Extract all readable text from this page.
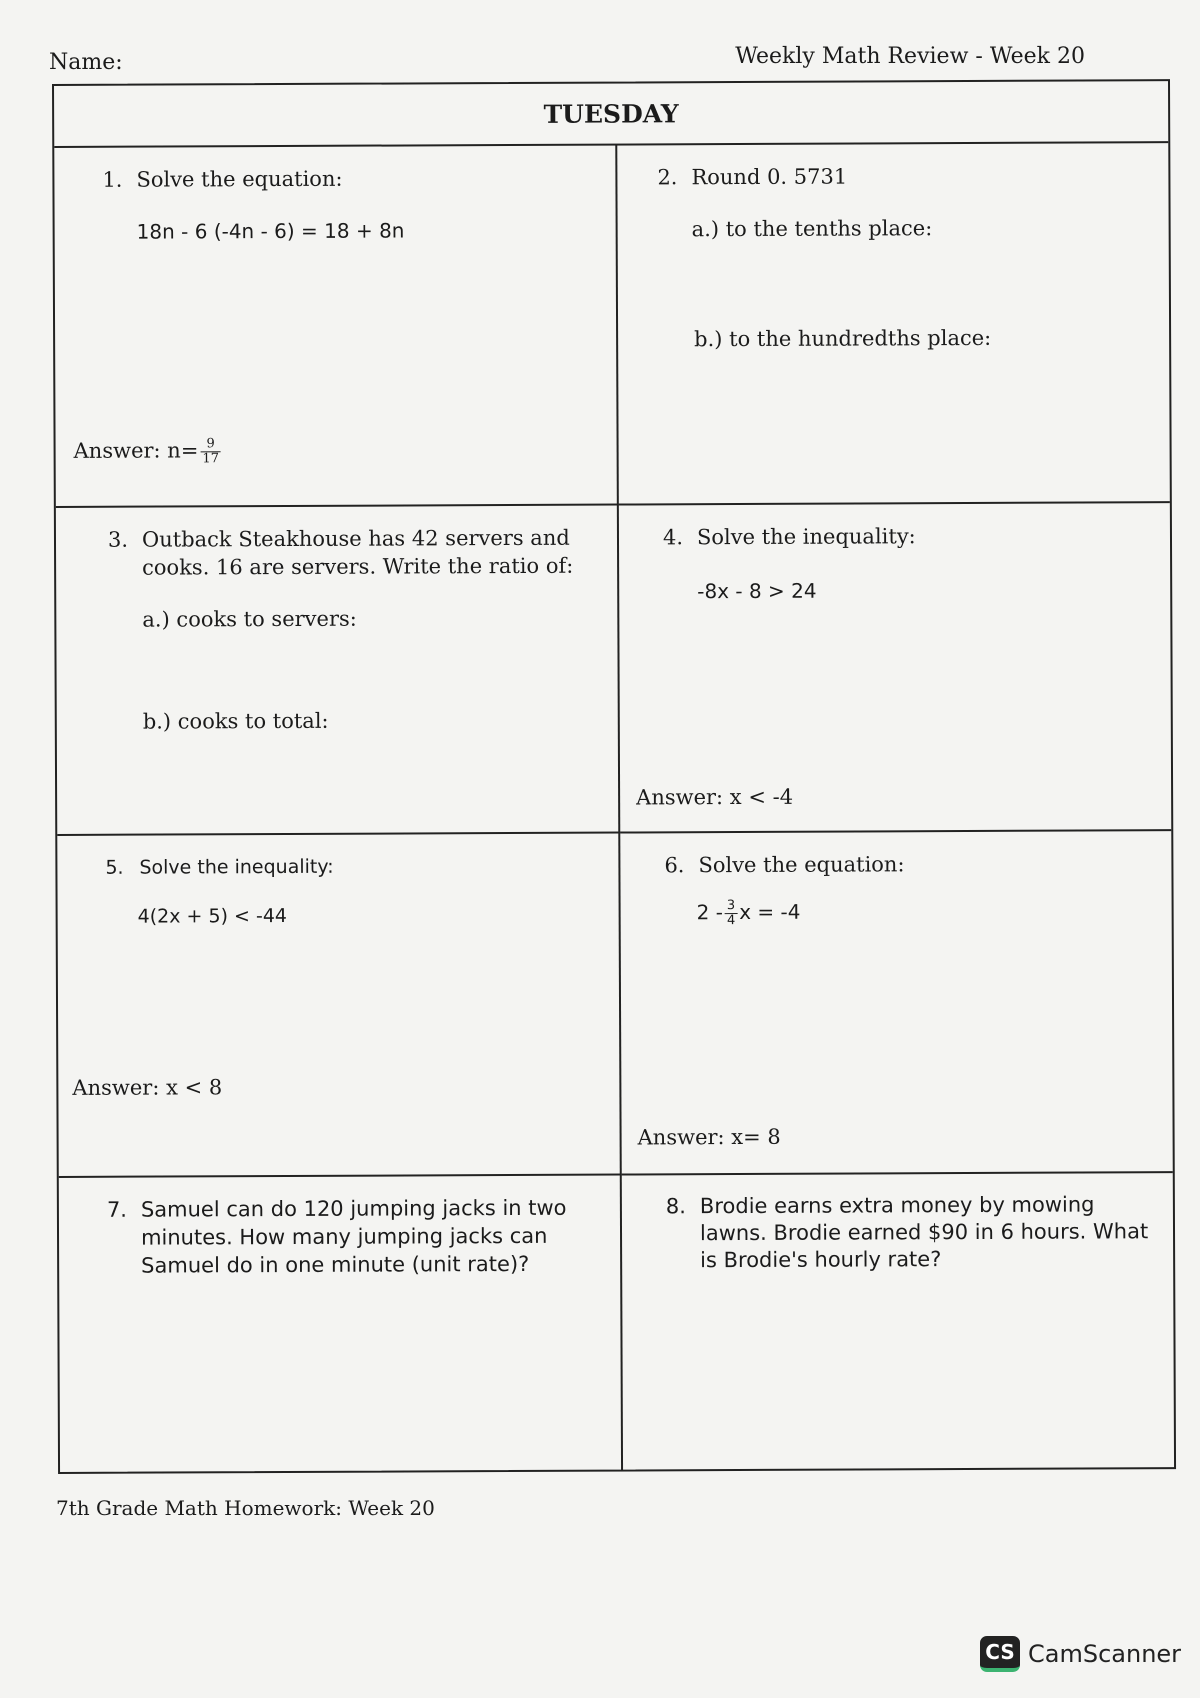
Name:	Weekly Math Review - Week 20
TUESDAY
1. Solve the equation:
18n - 6 (-4n - 6) = 18 + 8n
Answer: $n= \frac{9}{17}$
2. Round 0. 5731
a.) to the tenths place:
b.) to the hundredths place:
3. Outback Steakhouse has 42 servers and cooks. 16 are servers. Write the ratio of:
a.) cooks to servers:
b.) cooks to total:
4. Solve the inequality:
-8x - 8 > 24
Answer: x < -4
5. Solve the inequality:
4(2x + 5) < -44
Answer: x < 8
6. Solve the equation:
$2 - \frac{3}{4}$ x = -4
Answer: x= 8
7. Samuel can do 120 jumping jacks in two minutes. How many jumping jacks can Samuel do in one minute (unit rate)?
8. Brodie earns extra money by mowing lawns. Brodie earned $90 in 6 hours. What is Brodie's hourly rate?
7th Grade Math Homework: Week 20
CS CamScanner
